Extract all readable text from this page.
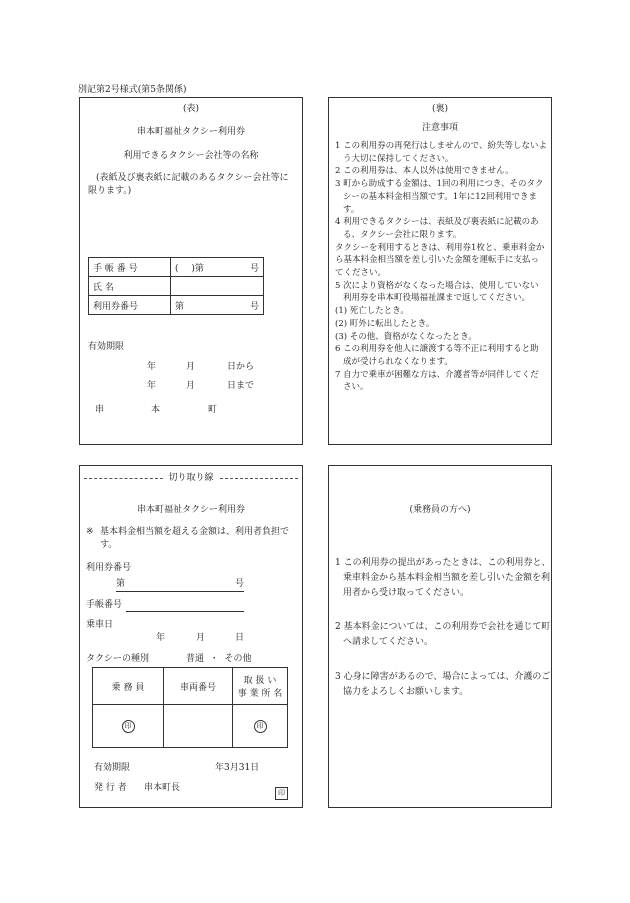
別記第2号様式(第5条関係)
(表)
串本町福祉タクシー利用券
利用できるタクシー会社等の名称
(表紙及び裏表紙に記載のあるタクシー会社等に限ります。)
手 帳 番 号	( )第 号

氏 名	
利用券番号	第 号
有効期限
年	月	日から
年	月	日まで
串	本	町
(裏)
注意事項
1 この利用券の再発行はしませんので、紛失等しないよう大切に保持してください。
2 この利用券は、本人以外は使用できません。
3 町から助成する金額は、1回の利用につき、そのタクシーの基本料金相当額です。1年に12回利用できます。
4 利用できるタクシーは、表紙及び裏表紙に記載のある、タクシー会社に限ります。
タクシーを利用するときは、利用券1枚と、乗車料金から基本料金相当額を差し引いた金額を運転手に支払ってください。
5 次により資格がなくなった場合は、使用していない利用券を串本町役場福祉課まで返してください。
(1) 死亡したとき。
(2) 町外に転出したとき。
(3) その他、資格がなくなったとき。
6 この利用券を他人に譲渡する等不正に利用すると助成が受けられなくなります。
7 自力で乗車が困難な方は、介護者等が同伴してください。
切り取り線
串本町福祉タクシー利用券
※ 基本料金相当額を超える金額は、利用者負担です。
利用券番号
第	号
手帳番号
乗車日
年	月	日
タクシーの種別	普通  ・  その他
乗 務 員	車両番号	取 扱 い
事 業 所 名

印		印
有効期限	年3月31日
発 行 者 串本町長	印
(乗務員の方へ)
1 この利用券の提出があったときは、この利用券と、乗車料金から基本料金相当額を差し引いた金額を利用者から受け取ってください。
2 基本料金については、この利用券で会社を通じて町へ請求してください。
3 心身に障害があるので、場合によっては、介護のご協力をよろしくお願いします。
